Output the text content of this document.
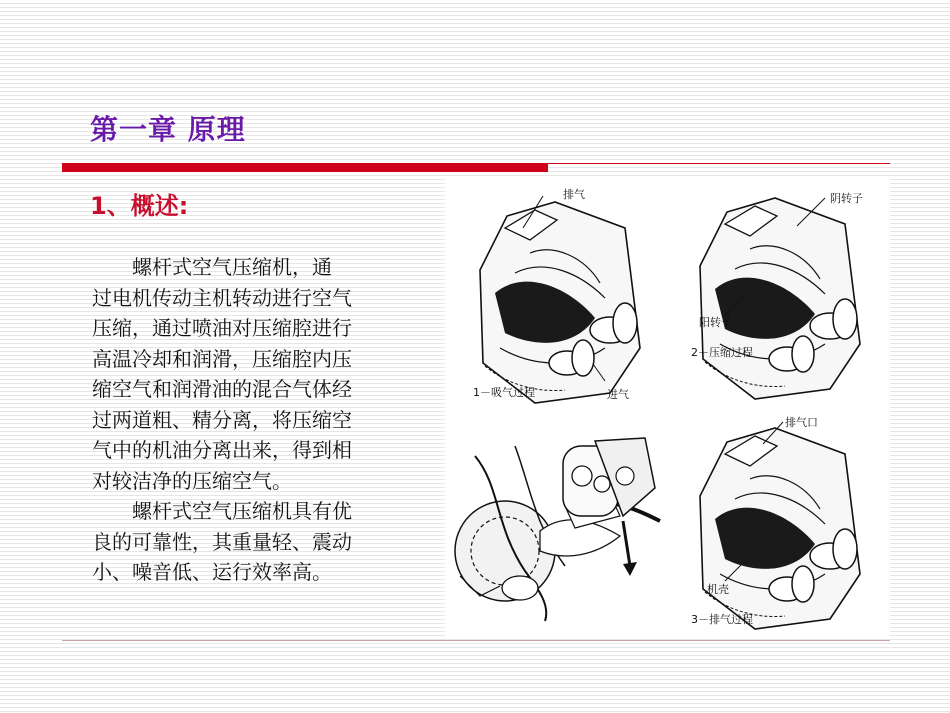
第一章 原理
1、概述:
　　螺杆式空气压缩机，通
过电机传动主机转动进行空气
压缩，通过喷油对压缩腔进行
高温冷却和润滑，压缩腔内压
缩空气和润滑油的混合气体经
过两道粗、精分离，将压缩空
气中的机油分离出来，得到相
对较洁净的压缩空气。
　　螺杆式空气压缩机具有优
良的可靠性，其重量轻、震动
小、噪音低、运行效率高。
排气
进气
1－吸气过程
阴转子
阳转子
2－压缩过程
排气口
机壳
3－排气过程
